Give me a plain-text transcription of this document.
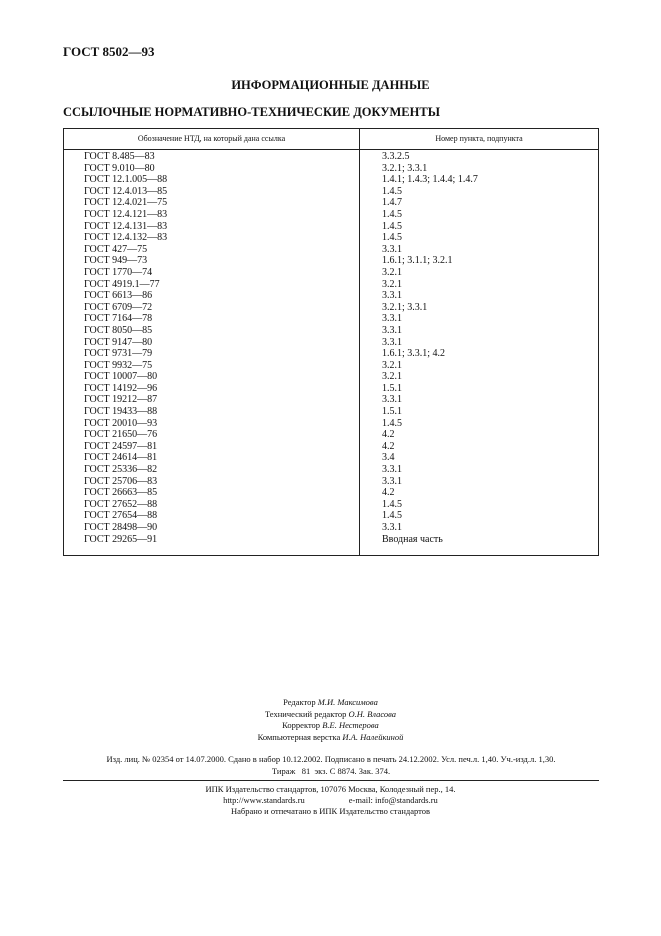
ГОСТ 8502—93
ИНФОРМАЦИОННЫЕ ДАННЫЕ
ССЫЛОЧНЫЕ НОРМАТИВНО-ТЕХНИЧЕСКИЕ ДОКУМЕНТЫ
Обозначение НТД, на который дана ссылка	Номер пункта, подпункта
ГОСТ 8.485—83	3.3.2.5
ГОСТ 9.010—80	3.2.1; 3.3.1
ГОСТ 12.1.005—88	1.4.1; 1.4.3; 1.4.4; 1.4.7
ГОСТ 12.4.013—85	1.4.5
ГОСТ 12.4.021—75	1.4.7
ГОСТ 12.4.121—83	1.4.5
ГОСТ 12.4.131—83	1.4.5
ГОСТ 12.4.132—83	1.4.5
ГОСТ 427—75	3.3.1
ГОСТ 949—73	1.6.1; 3.1.1; 3.2.1
ГОСТ 1770—74	3.2.1
ГОСТ 4919.1—77	3.2.1
ГОСТ 6613—86	3.3.1
ГОСТ 6709—72	3.2.1; 3.3.1
ГОСТ 7164—78	3.3.1
ГОСТ 8050—85	3.3.1
ГОСТ 9147—80	3.3.1
ГОСТ 9731—79	1.6.1; 3.3.1; 4.2
ГОСТ 9932—75	3.2.1
ГОСТ 10007—80	3.2.1
ГОСТ 14192—96	1.5.1
ГОСТ 19212—87	3.3.1
ГОСТ 19433—88	1.5.1
ГОСТ 20010—93	1.4.5
ГОСТ 21650—76	4.2
ГОСТ 24597—81	4.2
ГОСТ 24614—81	3.4
ГОСТ 25336—82	3.3.1
ГОСТ 25706—83	3.3.1
ГОСТ 26663—85	4.2
ГОСТ 27652—88	1.4.5
ГОСТ 27654—88	1.4.5
ГОСТ 28498—90	3.3.1
ГОСТ 29265—91	Вводная часть
Редактор М.И. Максимова
Технический редактор О.Н. Власова
Корректор В.Е. Нестерова
Компьютерная верстка И.А. Налейкиной
Изд. лиц. № 02354 от 14.07.2000. Сдано в набор 10.12.2002. Подписано в печать 24.12.2002. Усл. печ.л. 1,40. Уч.-изд.л. 1,30.
Тираж   81  экз. С 8874. Зак. 374.
ИПК Издательство стандартов, 107076 Москва, Колодезный пер., 14.
http://www.standards.ru	e-mail: info@standards.ru
Набрано и отпечатано в ИПК Издательство стандартов
